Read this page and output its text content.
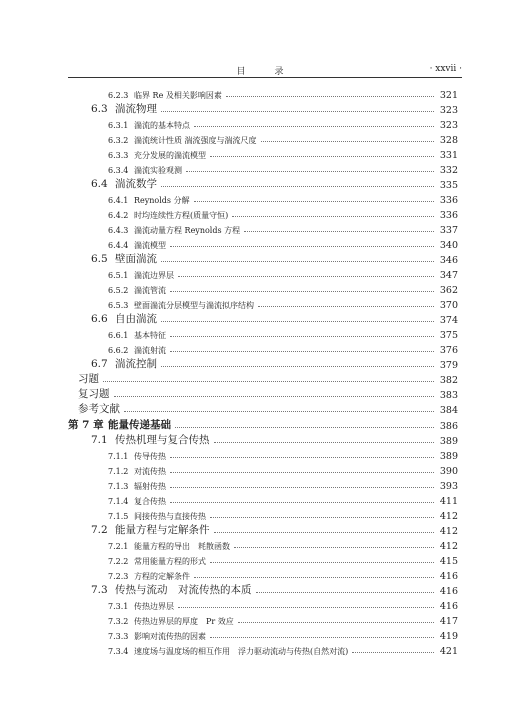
目　录	· xxvii ·
6.2.3 临界 Re 及相关影响因素	321
6.3 湍流物理	323
6.3.1 湍流的基本特点	323
6.3.2 湍流统计性质 湍流强度与湍流尺度	328
6.3.3 充分发展的湍流模型	331
6.3.4 湍流实验观测	332
6.4 湍流数学	335
6.4.1 Reynolds 分解	336
6.4.2 时均连续性方程(质量守恒)	336
6.4.3 湍流动量方程 Reynolds 方程	337
6.4.4 湍流模型	340
6.5 壁面湍流	346
6.5.1 湍流边界层	347
6.5.2 湍流管流	362
6.5.3 壁面湍流分层模型与湍流拟序结构	370
6.6 自由湍流	374
6.6.1 基本特征	375
6.6.2 湍流射流	376
6.7 湍流控制	379
习题	382
复习题	383
参考文献	384
第 7 章 能量传递基础	386
7.1 传热机理与复合传热	389
7.1.1 传导传热	389
7.1.2 对流传热	390
7.1.3 辐射传热	393
7.1.4 复合传热	411
7.1.5 间接传热与直接传热	412
7.2 能量方程与定解条件	412
7.2.1 能量方程的导出　耗散函数	412
7.2.2 常用能量方程的形式	415
7.2.3 方程的定解条件	416
7.3 传热与流动　对流传热的本质	416
7.3.1 传热边界层	416
7.3.2 传热边界层的厚度　Pr 效应	417
7.3.3 影响对流传热的因素	419
7.3.4 速度场与温度场的相互作用　浮力驱动流动与传热(自然对流)	421
